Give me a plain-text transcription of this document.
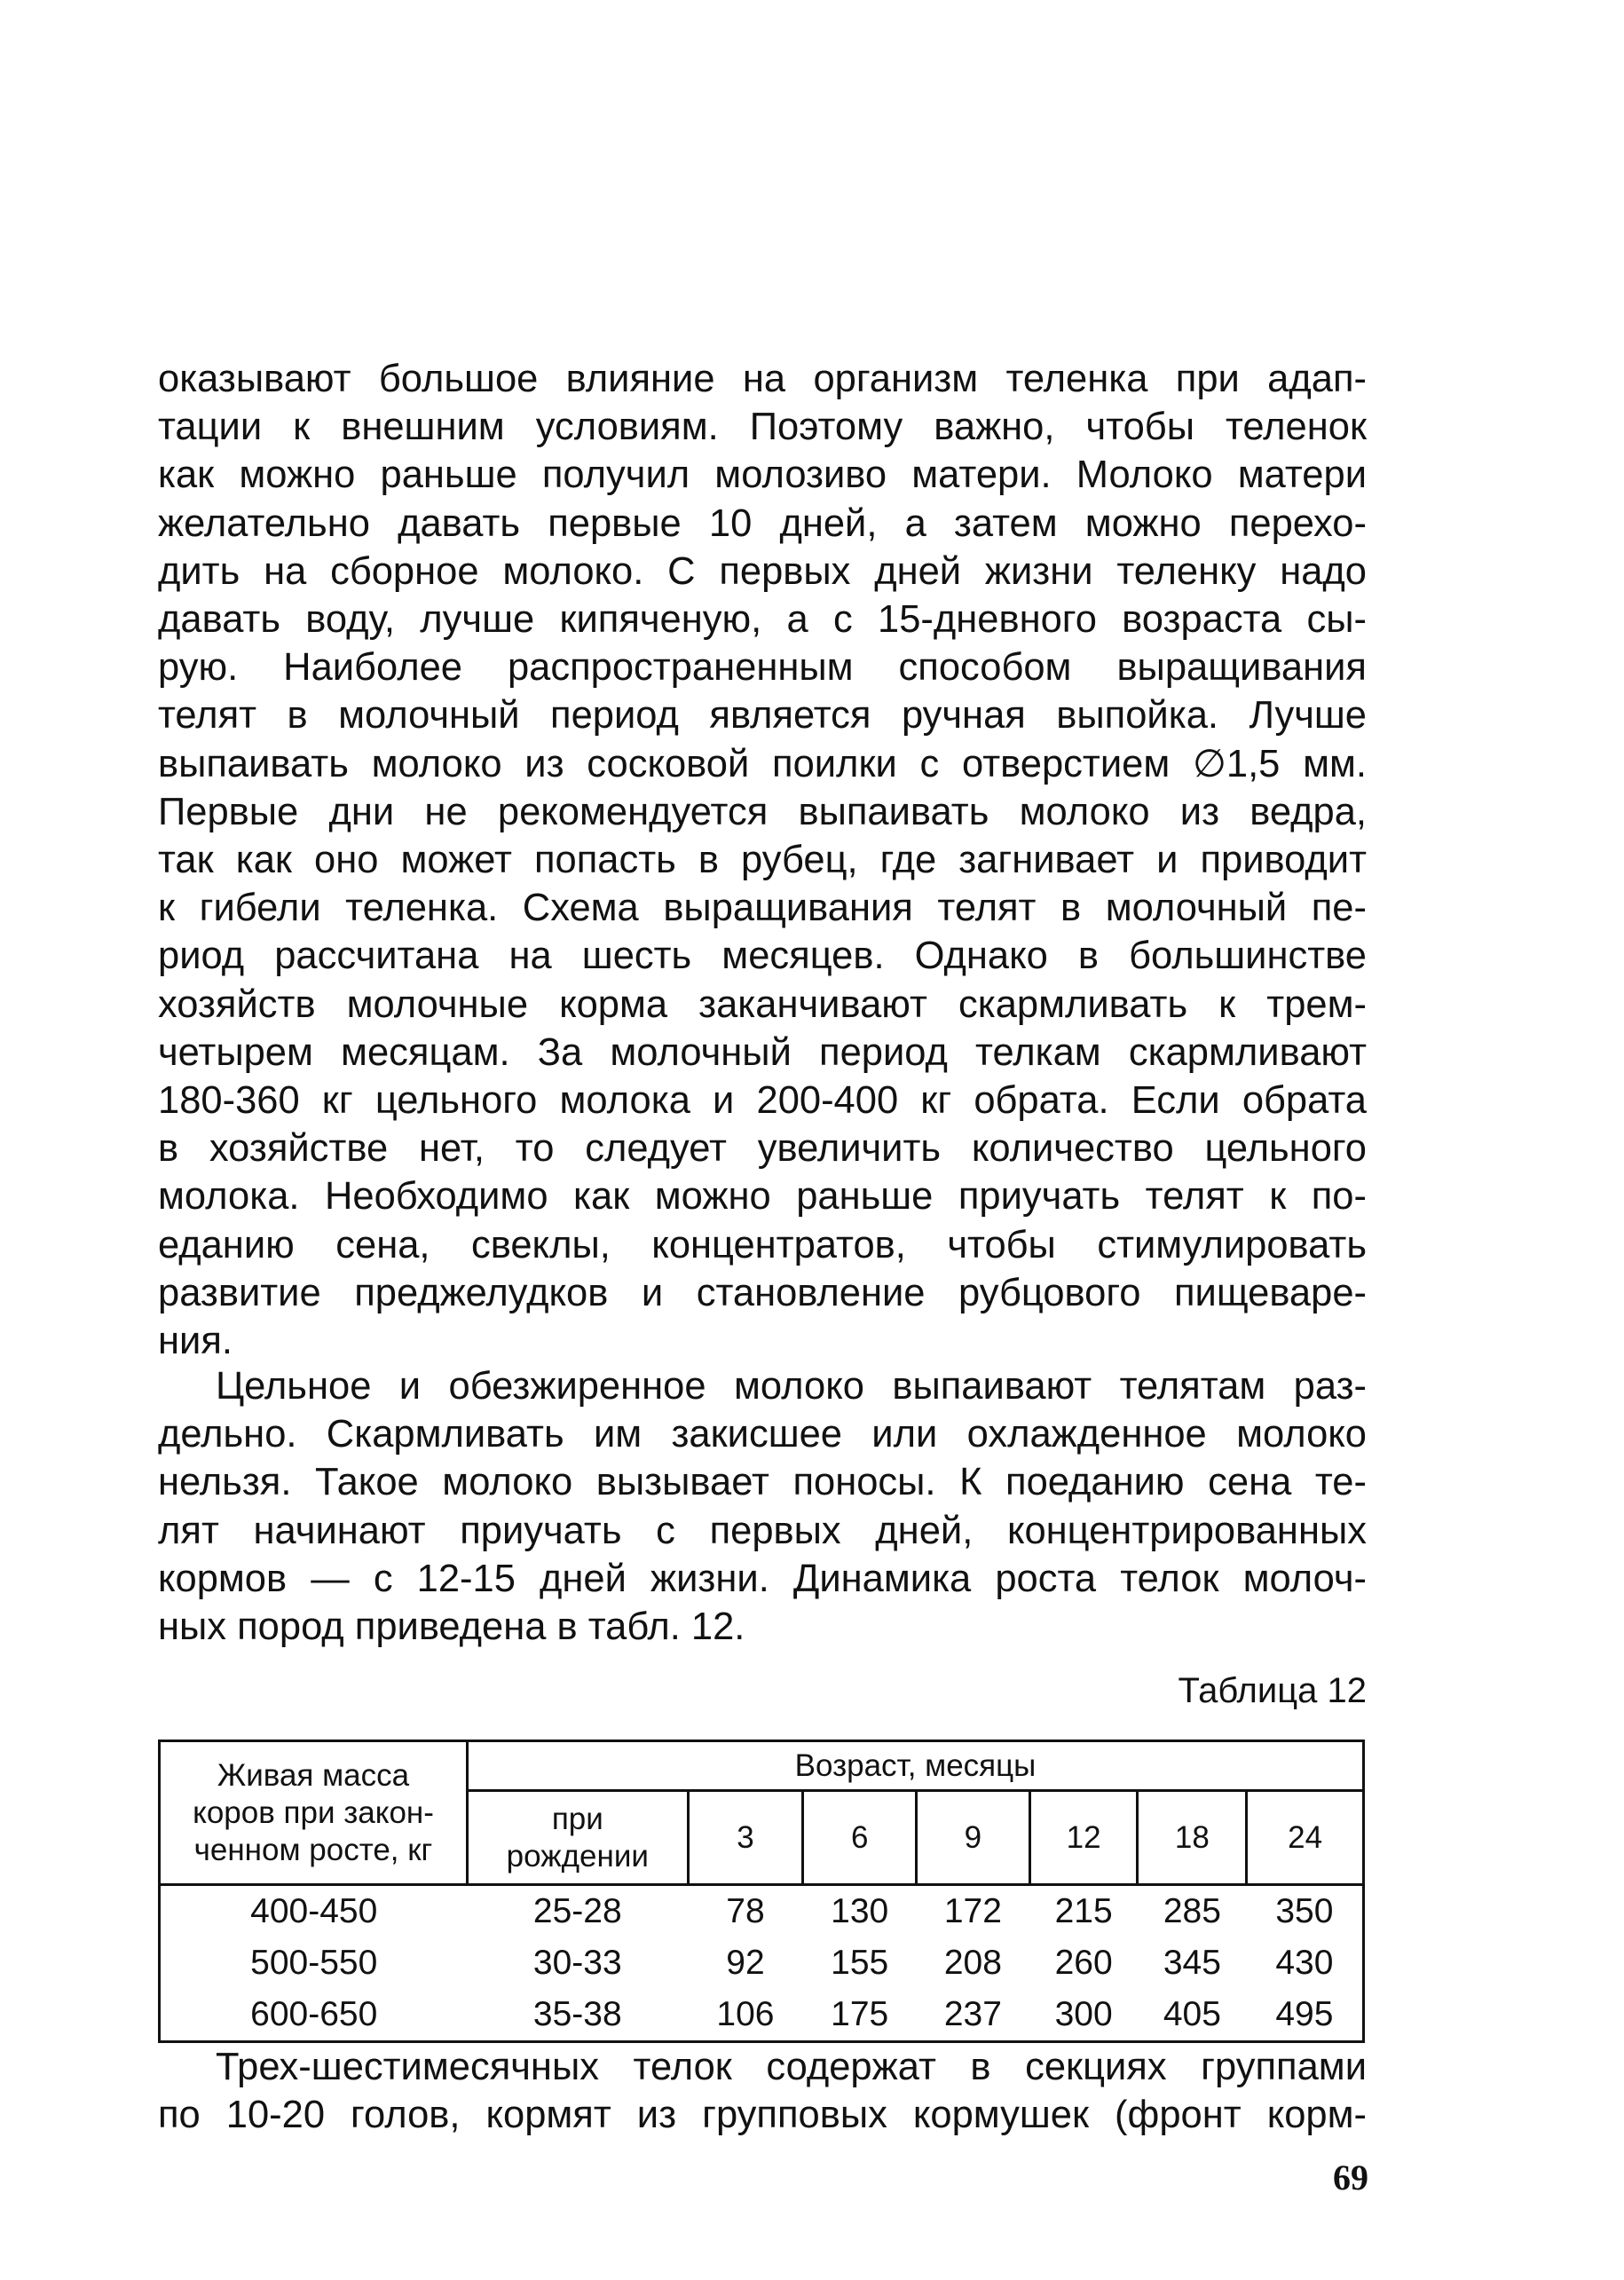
оказывают большое влияние на организм теленка при адап-
тации к внешним условиям. Поэтому важно, чтобы теленок
как можно раньше получил молозиво матери. Молоко матери
желательно давать первые 10 дней, а затем можно перехо-
дить на сборное молоко. С первых дней жизни теленку надо
давать воду, лучше кипяченую, а с 15-дневного возраста сы-
рую. Наиболее распространенным способом выращивания
телят в молочный период является ручная выпойка. Лучше
выпаивать молоко из сосковой поилки с отверстием ∅1,5 мм.
Первые дни не рекомендуется выпаивать молоко из ведра,
так как оно может попасть в рубец, где загнивает и приводит
к гибели теленка. Схема выращивания телят в молочный пе-
риод рассчитана на шесть месяцев. Однако в большинстве
хозяйств молочные корма заканчивают скармливать к трем-
четырем месяцам. За молочный период телкам скармливают
180-360 кг цельного молока и 200-400 кг обрата. Если обрата
в хозяйстве нет, то следует увеличить количество цельного
молока. Необходимо как можно раньше приучать телят к по-
еданию сена, свеклы, концентратов, чтобы стимулировать
развитие преджелудков и становление рубцового пищеваре-
ния.
Цельное и обезжиренное молоко выпаивают телятам раз-
дельно. Скармливать им закисшее или охлажденное молоко
нельзя. Такое молоко вызывает поносы. К поеданию сена те-
лят начинают приучать с первых дней, концентрированных
кормов — с 12-15 дней жизни. Динамика роста телок молоч-
ных пород приведена в табл. 12.
Таблица 12
Живая масса
коров при закон-
ченном росте, кг	Возраст, месяцы						

	при
рождении	3	6	9	12	18	24
400-450	25-28	78	130	172	215	285	350
500-550	30-33	92	155	208	260	345	430
600-650	35-38	106	175	237	300	405	495
Трех-шестимесячных телок содержат в секциях группами
по 10-20 голов, кормят из групповых кормушек (фронт корм-
69
